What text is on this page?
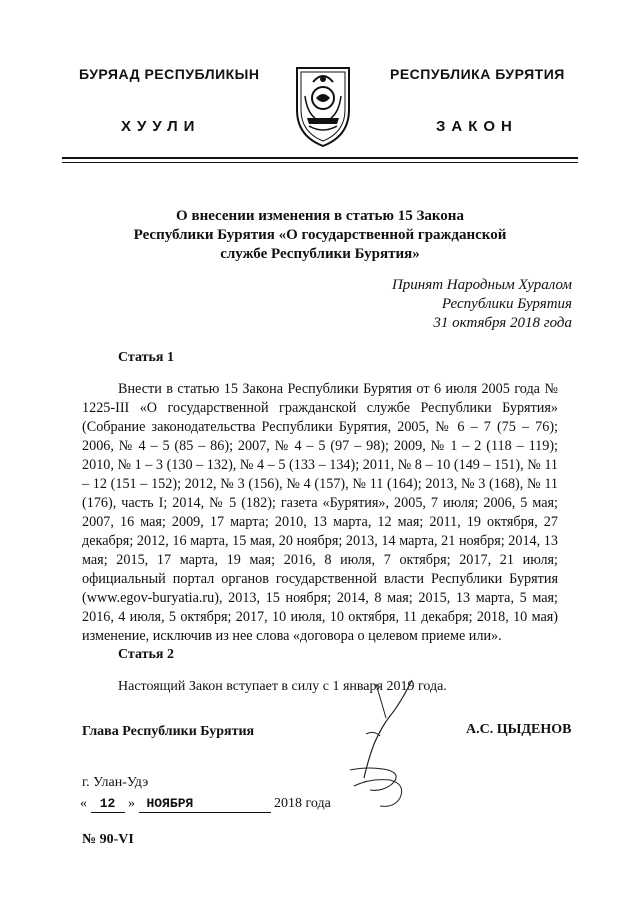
БУРЯАД РЕСПУБЛИКЫН
ХУУЛИ
РЕСПУБЛИКА БУРЯТИЯ
ЗАКОН
О внесении изменения в статью 15 Закона
Республики Бурятия «О государственной гражданской
службе Республики Бурятия»
Принят Народным Хуралом
Республики Бурятия
31 октября 2018 года
Статья 1

Внести в статью 15 Закона Республики Бурятия от 6 июля 2005 года № 1225-III «О государственной гражданской службе Республики Бурятия» (Собрание законодательства Республики Бурятия, 2005, № 6 – 7 (75 – 76); 2006, № 4 – 5 (85 – 86); 2007, № 4 – 5 (97 – 98); 2009, № 1 – 2 (118 – 119); 2010, № 1 – 3 (130 – 132), № 4 – 5 (133 – 134); 2011, № 8 – 10 (149 – 151), № 11 – 12 (151 – 152); 2012, № 3 (156), № 4 (157), № 11 (164); 2013, № 3 (168), № 11 (176), часть I; 2014, № 5 (182); газета «Бурятия», 2005, 7 июля; 2006, 5 мая; 2007, 16 мая; 2009, 17 марта; 2010, 13 марта, 12 мая; 2011, 19 октября, 27 декабря; 2012, 16 марта, 15 мая, 20 ноября; 2013, 14 марта, 21 ноября; 2014, 13 мая; 2015, 17 марта, 19 мая; 2016, 8 июля, 7 октября; 2017, 21 июля; официальный портал органов государственной власти Республики Бурятия (www.egov-buryatia.ru), 2013, 15 ноября; 2014, 8 мая; 2015, 13 марта, 5 мая; 2016, 4 июля, 5 октября; 2017, 10 июля, 10 октября, 11 декабря; 2018, 10 мая) изменение, исключив из нее слова «договора о целевом приеме или».

Статья 2
Настоящий Закон вступает в силу с 1 января 2019 года.
Глава Республики Бурятия	А.С. ЦЫДЕНОВ
г. Улан-Удэ
« 12 » НОЯБРЯ	2018 года
№ 90-VI
